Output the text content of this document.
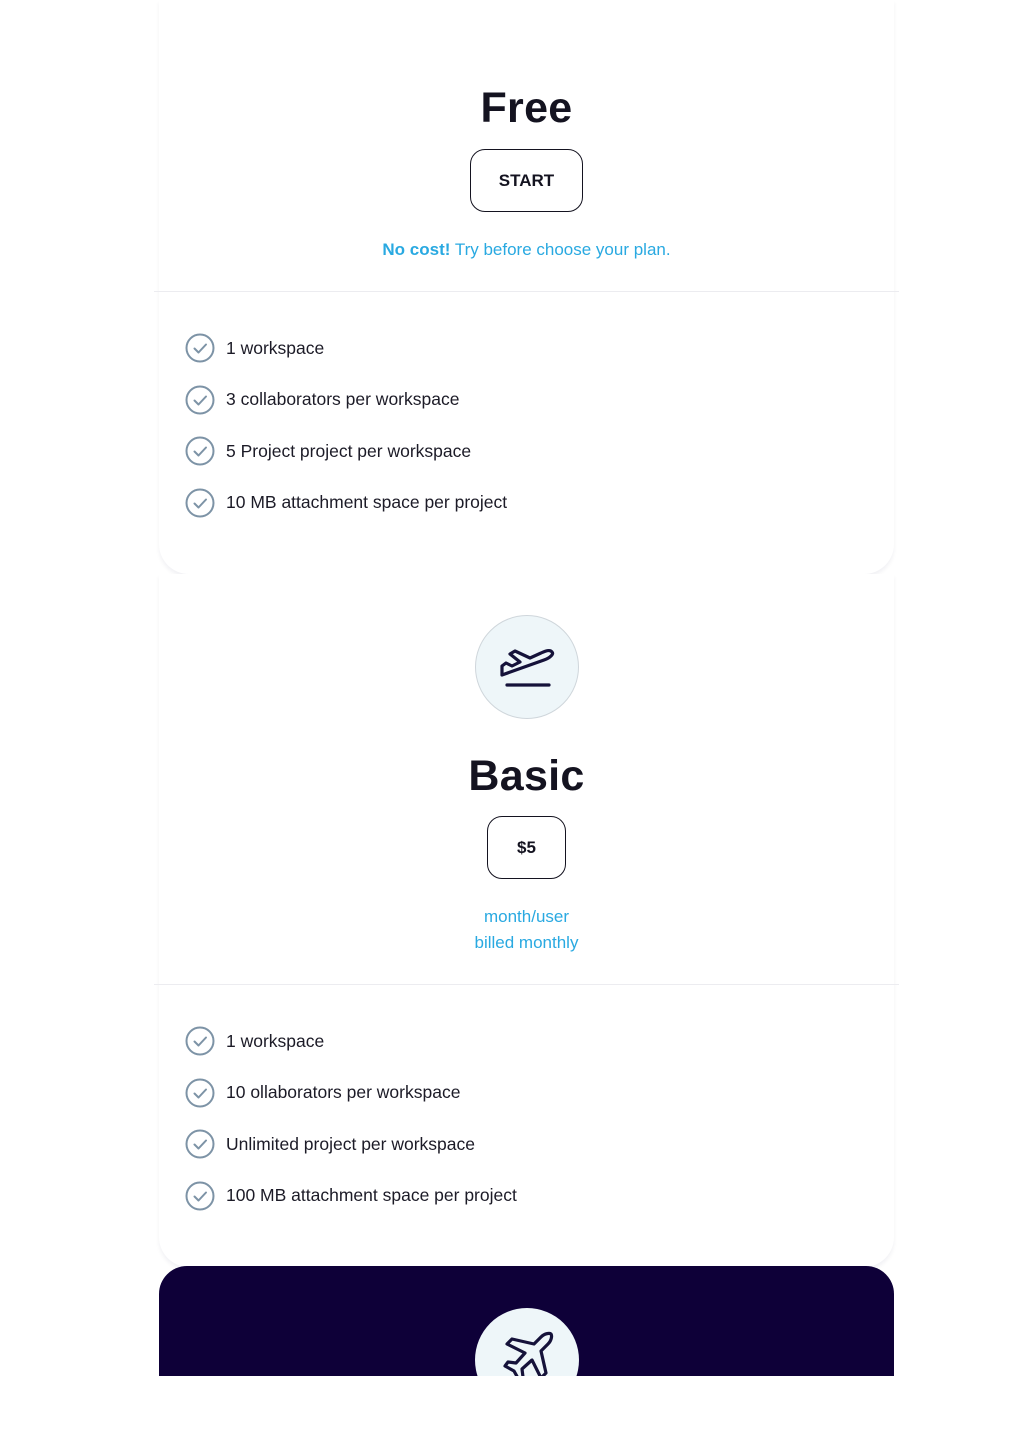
Free
START
No cost! Try before choose your plan.
1 workspace
3 collaborators per workspace
5 Project project per workspace
10 MB attachment space per project
Basic
$5
month/user
billed monthly
1 workspace
10 ollaborators per workspace
Unlimited project per workspace
100 MB attachment space per project
